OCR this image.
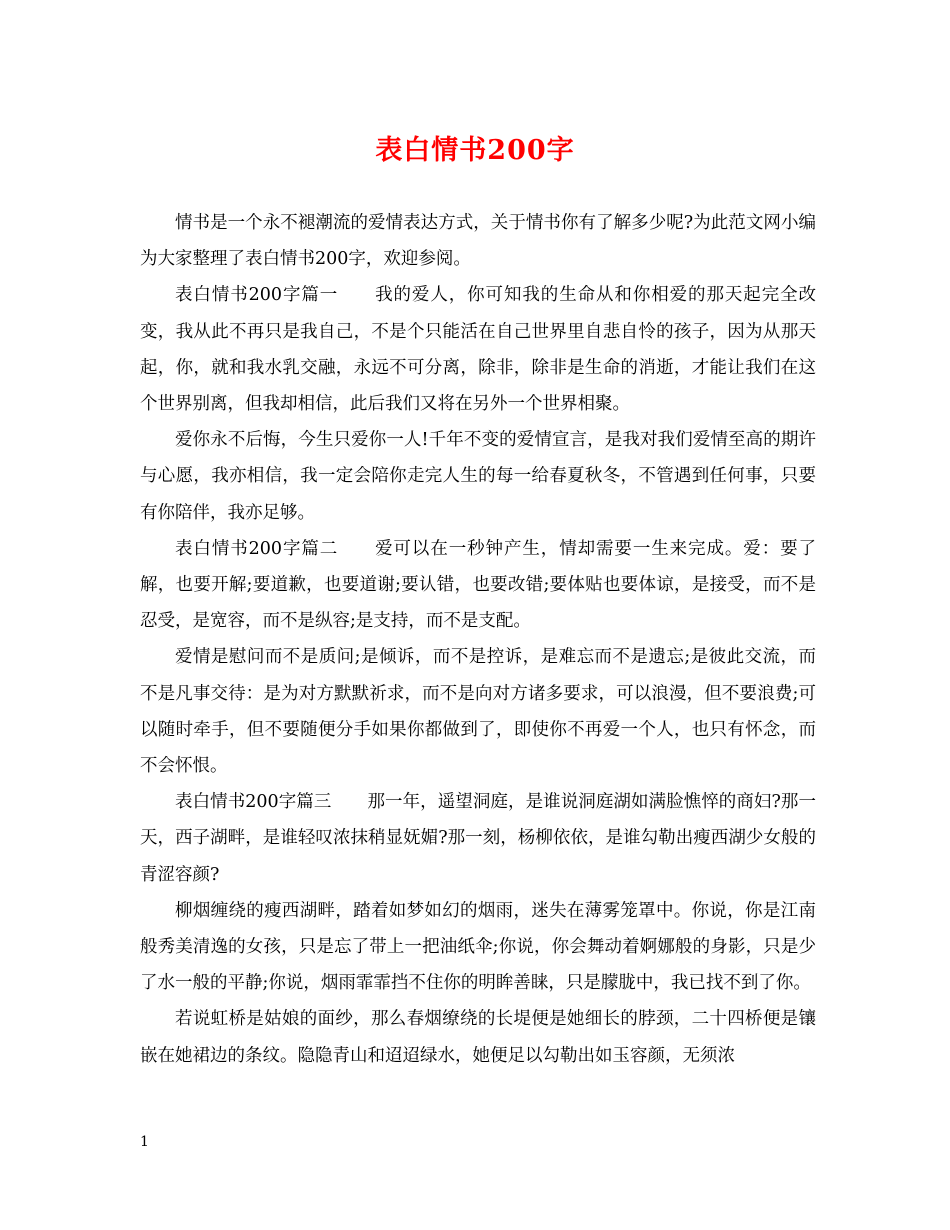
表白情书200字

情书是一个永不褪潮流的爱情表达方式，关于情书你有了解多少呢?为此范文网小编为大家整理了表白情书200字，欢迎参阅。

表白情书200字篇一 我的爱人，你可知我的生命从和你相爱的那天起完全改变，我从此不再只是我自己，不是个只能活在自己世界里自悲自怜的孩子，因为从那天起，你，就和我水乳交融，永远不可分离，除非，除非是生命的消逝，才能让我们在这个世界别离，但我却相信，此后我们又将在另外一个世界相聚。

爱你永不后悔，今生只爱你一人!千年不变的爱情宣言，是我对我们爱情至高的期许与心愿，我亦相信，我一定会陪你走完人生的每一给春夏秋冬，不管遇到任何事，只要有你陪伴，我亦足够。

表白情书200字篇二 爱可以在一秒钟产生，情却需要一生来完成。爱：要了解，也要开解;要道歉，也要道谢;要认错，也要改错;要体贴也要体谅，是接受，而不是忍受，是宽容，而不是纵容;是支持，而不是支配。

爱情是慰问而不是质问;是倾诉，而不是控诉，是难忘而不是遗忘;是彼此交流，而不是凡事交待：是为对方默默祈求，而不是向对方诸多要求，可以浪漫，但不要浪费;可以随时牵手，但不要随便分手如果你都做到了，即使你不再爱一个人，也只有怀念，而不会怀恨。

表白情书200字篇三 那一年，遥望洞庭，是谁说洞庭湖如满脸憔悴的商妇?那一天，西子湖畔，是谁轻叹浓抹稍显妩媚?那一刻，杨柳依依，是谁勾勒出瘦西湖少女般的青涩容颜?

柳烟缠绕的瘦西湖畔，踏着如梦如幻的烟雨，迷失在薄雾笼罩中。你说，你是江南般秀美清逸的女孩，只是忘了带上一把油纸伞;你说，你会舞动着婀娜般的身影，只是少了水一般的平静;你说，烟雨霏霏挡不住你的明眸善睐，只是朦胧中，我已找不到了你。

若说虹桥是姑娘的面纱，那么春烟缭绕的长堤便是她细长的脖颈，二十四桥便是镶嵌在她裙边的条纹。隐隐青山和迢迢绿水，她便足以勾勒出如玉容颜，无须浓

1
